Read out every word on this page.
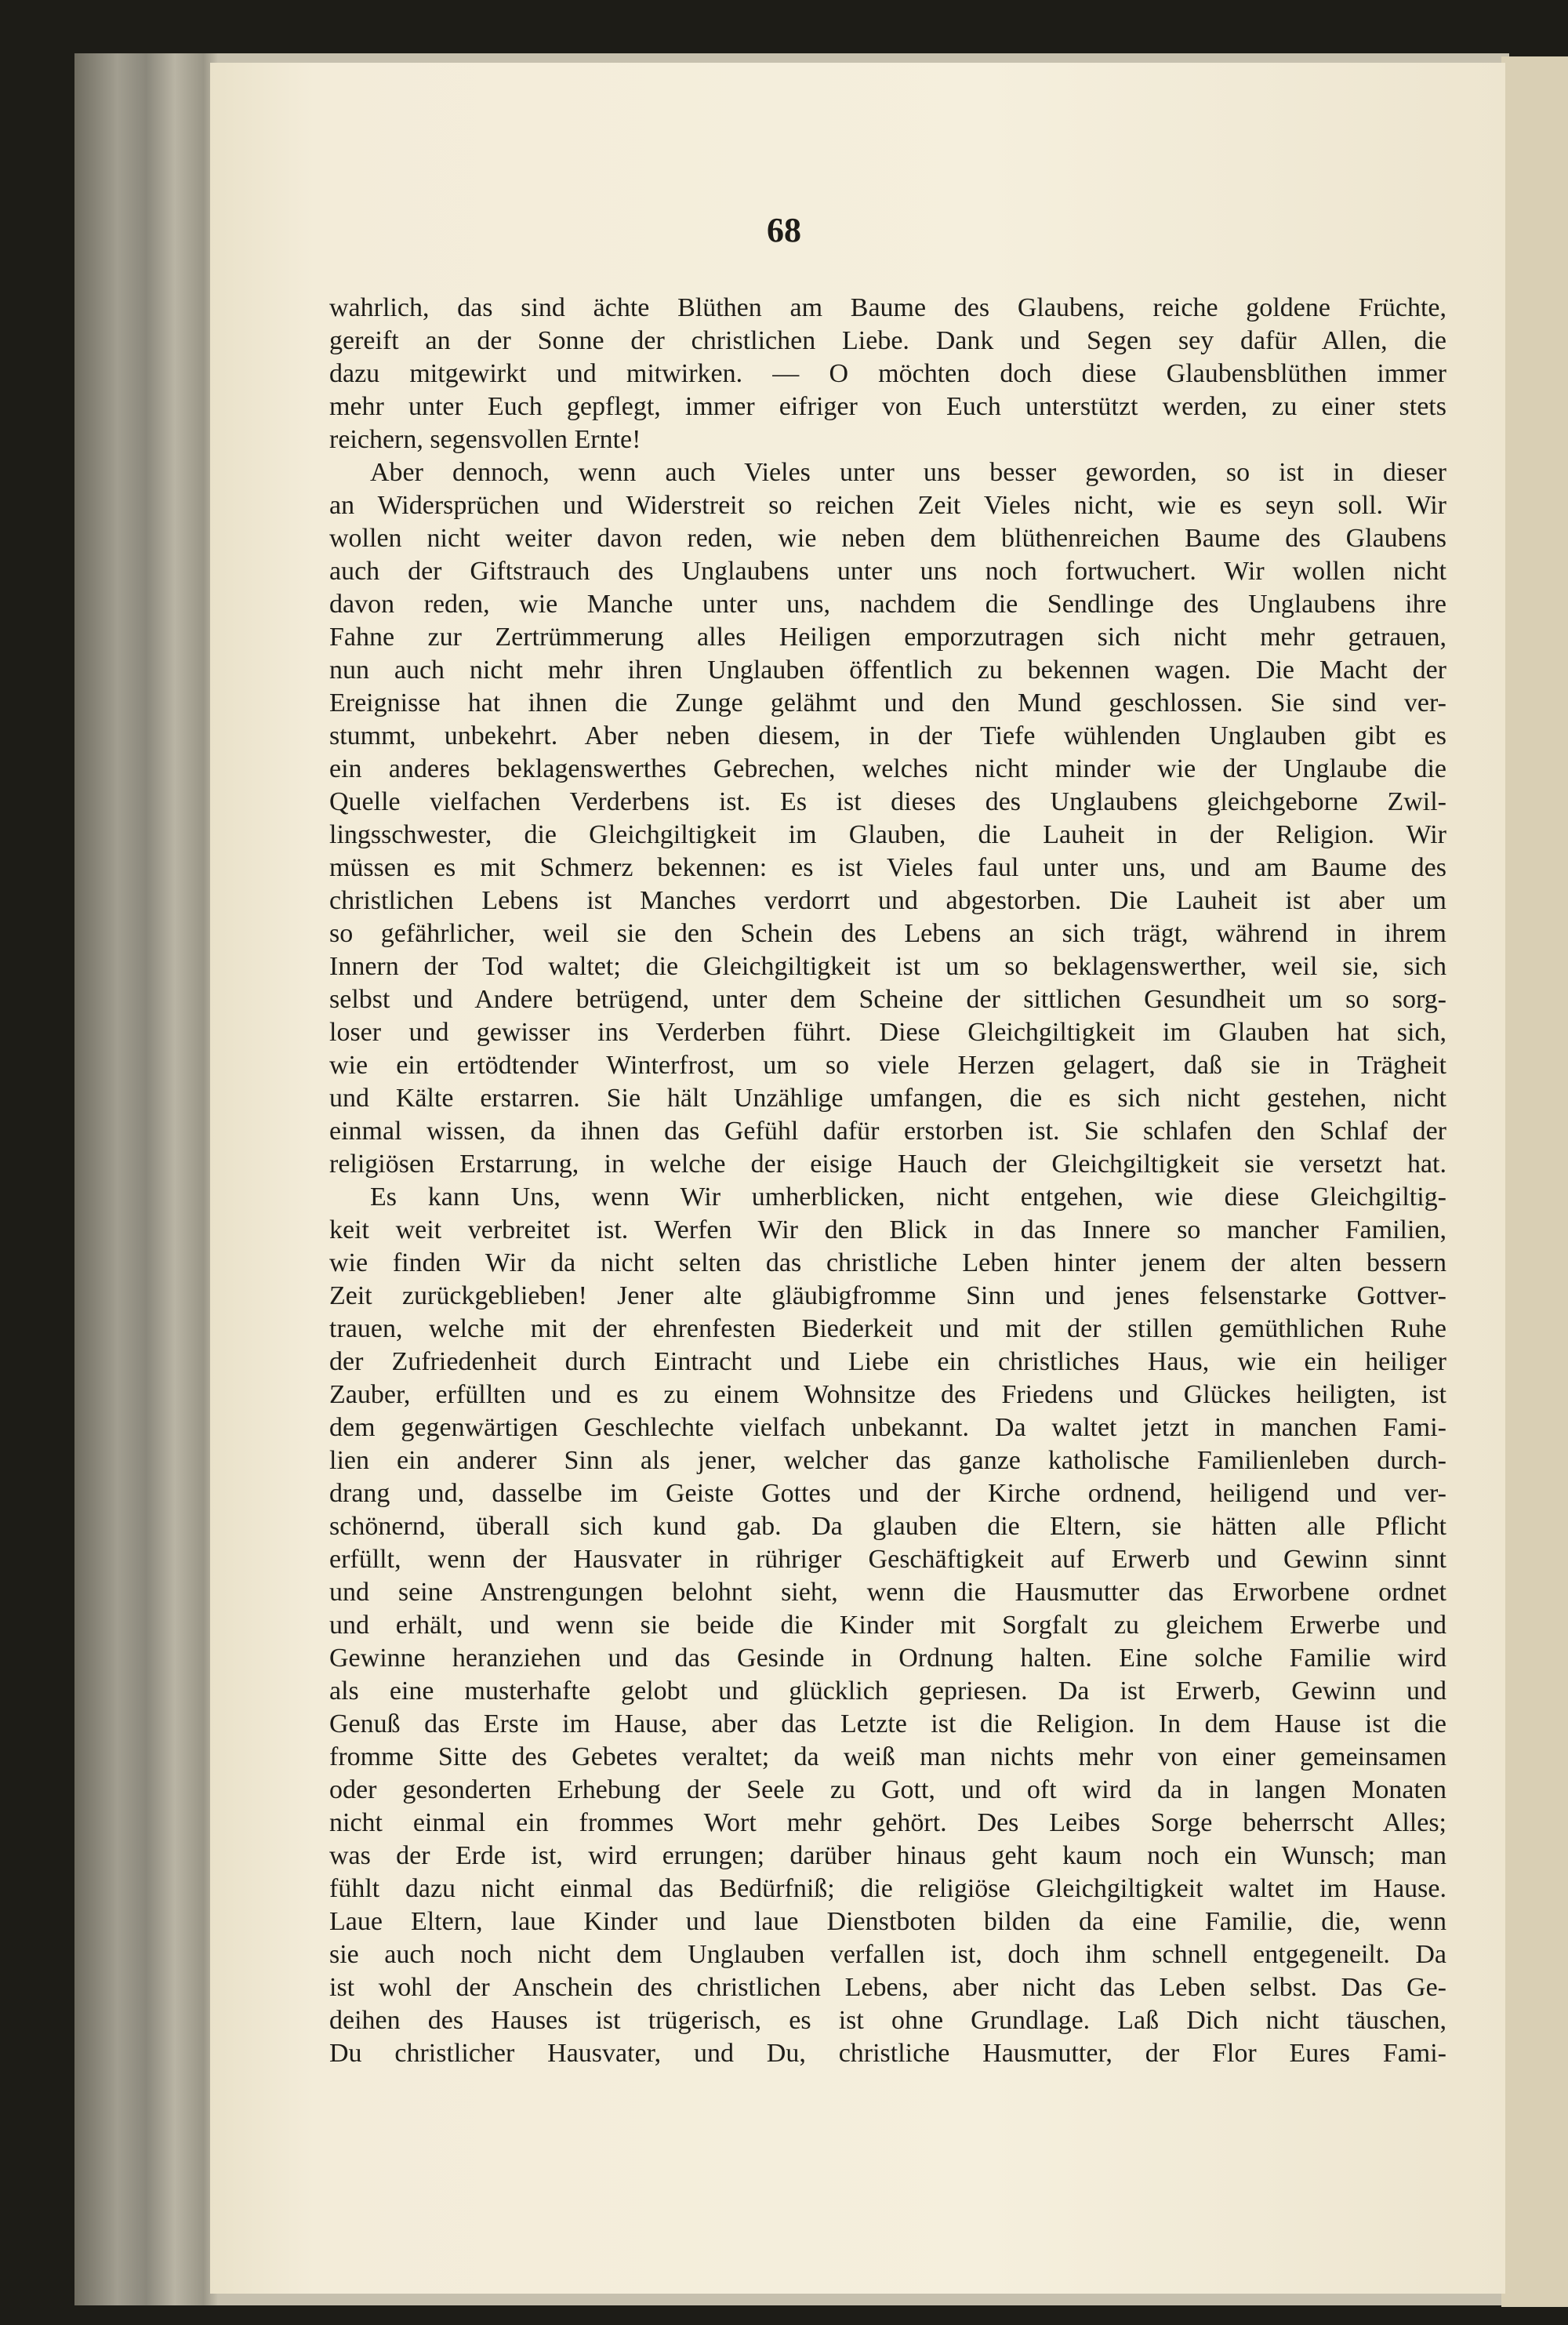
68
wahrlich, das sind ächte Blüthen am Baume des Glaubens, reiche goldene Früchte,
gereift an der Sonne der christlichen Liebe. Dank und Segen sey dafür Allen, die
dazu mitgewirkt und mitwirken. — O möchten doch diese Glaubensblüthen immer
mehr unter Euch gepflegt, immer eifriger von Euch unterstützt werden, zu einer stets
reichern, segensvollen Ernte!
Aber dennoch, wenn auch Vieles unter uns besser geworden, so ist in dieser
an Widersprüchen und Widerstreit so reichen Zeit Vieles nicht, wie es seyn soll. Wir
wollen nicht weiter davon reden, wie neben dem blüthenreichen Baume des Glaubens
auch der Giftstrauch des Unglaubens unter uns noch fortwuchert. Wir wollen nicht
davon reden, wie Manche unter uns, nachdem die Sendlinge des Unglaubens ihre
Fahne zur Zertrümmerung alles Heiligen emporzutragen sich nicht mehr getrauen,
nun auch nicht mehr ihren Unglauben öffentlich zu bekennen wagen. Die Macht der
Ereignisse hat ihnen die Zunge gelähmt und den Mund geschlossen. Sie sind ver-
stummt, unbekehrt. Aber neben diesem, in der Tiefe wühlenden Unglauben gibt es
ein anderes beklagenswerthes Gebrechen, welches nicht minder wie der Unglaube die
Quelle vielfachen Verderbens ist. Es ist dieses des Unglaubens gleichgeborne Zwil-
lingsschwester, die Gleichgiltigkeit im Glauben, die Lauheit in der Religion. Wir
müssen es mit Schmerz bekennen: es ist Vieles faul unter uns, und am Baume des
christlichen Lebens ist Manches verdorrt und abgestorben. Die Lauheit ist aber um
so gefährlicher, weil sie den Schein des Lebens an sich trägt, während in ihrem
Innern der Tod waltet; die Gleichgiltigkeit ist um so beklagenswerther, weil sie, sich
selbst und Andere betrügend, unter dem Scheine der sittlichen Gesundheit um so sorg-
loser und gewisser ins Verderben führt. Diese Gleichgiltigkeit im Glauben hat sich,
wie ein ertödtender Winterfrost, um so viele Herzen gelagert, daß sie in Trägheit
und Kälte erstarren. Sie hält Unzählige umfangen, die es sich nicht gestehen, nicht
einmal wissen, da ihnen das Gefühl dafür erstorben ist. Sie schlafen den Schlaf der
religiösen Erstarrung, in welche der eisige Hauch der Gleichgiltigkeit sie versetzt hat.
Es kann Uns, wenn Wir umherblicken, nicht entgehen, wie diese Gleichgiltig-
keit weit verbreitet ist. Werfen Wir den Blick in das Innere so mancher Familien,
wie finden Wir da nicht selten das christliche Leben hinter jenem der alten bessern
Zeit zurückgeblieben! Jener alte gläubigfromme Sinn und jenes felsenstarke Gottver-
trauen, welche mit der ehrenfesten Biederkeit und mit der stillen gemüthlichen Ruhe
der Zufriedenheit durch Eintracht und Liebe ein christliches Haus, wie ein heiliger
Zauber, erfüllten und es zu einem Wohnsitze des Friedens und Glückes heiligten, ist
dem gegenwärtigen Geschlechte vielfach unbekannt. Da waltet jetzt in manchen Fami-
lien ein anderer Sinn als jener, welcher das ganze katholische Familienleben durch-
drang und, dasselbe im Geiste Gottes und der Kirche ordnend, heiligend und ver-
schönernd, überall sich kund gab. Da glauben die Eltern, sie hätten alle Pflicht
erfüllt, wenn der Hausvater in rühriger Geschäftigkeit auf Erwerb und Gewinn sinnt
und seine Anstrengungen belohnt sieht, wenn die Hausmutter das Erworbene ordnet
und erhält, und wenn sie beide die Kinder mit Sorgfalt zu gleichem Erwerbe und
Gewinne heranziehen und das Gesinde in Ordnung halten. Eine solche Familie wird
als eine musterhafte gelobt und glücklich gepriesen. Da ist Erwerb, Gewinn und
Genuß das Erste im Hause, aber das Letzte ist die Religion. In dem Hause ist die
fromme Sitte des Gebetes veraltet; da weiß man nichts mehr von einer gemeinsamen
oder gesonderten Erhebung der Seele zu Gott, und oft wird da in langen Monaten
nicht einmal ein frommes Wort mehr gehört. Des Leibes Sorge beherrscht Alles;
was der Erde ist, wird errungen; darüber hinaus geht kaum noch ein Wunsch; man
fühlt dazu nicht einmal das Bedürfniß; die religiöse Gleichgiltigkeit waltet im Hause.
Laue Eltern, laue Kinder und laue Dienstboten bilden da eine Familie, die, wenn
sie auch noch nicht dem Unglauben verfallen ist, doch ihm schnell entgegeneilt. Da
ist wohl der Anschein des christlichen Lebens, aber nicht das Leben selbst. Das Ge-
deihen des Hauses ist trügerisch, es ist ohne Grundlage. Laß Dich nicht täuschen,
Du christlicher Hausvater, und Du, christliche Hausmutter, der Flor Eures Fami-
